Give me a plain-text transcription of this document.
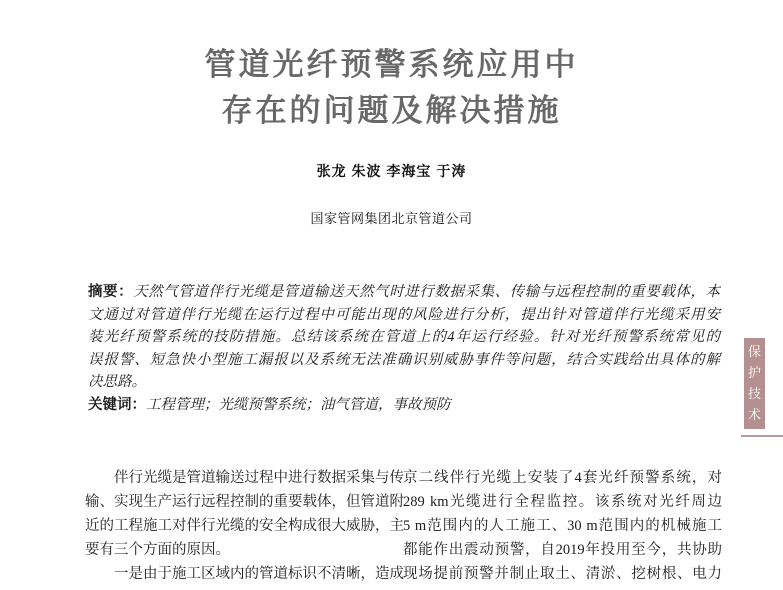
管道光纤预警系统应用中
存在的问题及解决措施
张龙 朱波 李海宝 于涛
国家管网集团北京管道公司
摘要：天然气管道伴行光缆是管道输送天然气时进行数据采集、传输与远程控制的重要载体，本
文通过对管道伴行光缆在运行过程中可能出现的风险进行分析，提出针对管道伴行光缆采用安
装光纤预警系统的技防措施。总结该系统在管道上的4年运行经验。针对光纤预警系统常见的
误报警、短急快小型施工漏报以及系统无法准确识别威胁事件等问题，结合实践给出具体的解
决思路。
关键词：工程管理；光缆预警系统；油气管道，事故预防
　　伴行光缆是管道输送过程中进行数据采集与传
输、实现生产运行远程控制的重要载体，但管道附
近的工程施工对伴行光缆的安全构成很大威胁，主
要有三个方面的原因。
　　一是由于施工区域内的管道标识不清晰，造成
京二线伴行光缆上安装了4套光纤预警系统，对
289 km光缆进行全程监控。该系统对光纤周边
5 m范围内的人工施工、30 m范围内的机械施工
都能作出震动预警，自2019年投用至今，共协助
现场提前预警并制止取土、清淤、挖树根、电力
保
护
技
术
